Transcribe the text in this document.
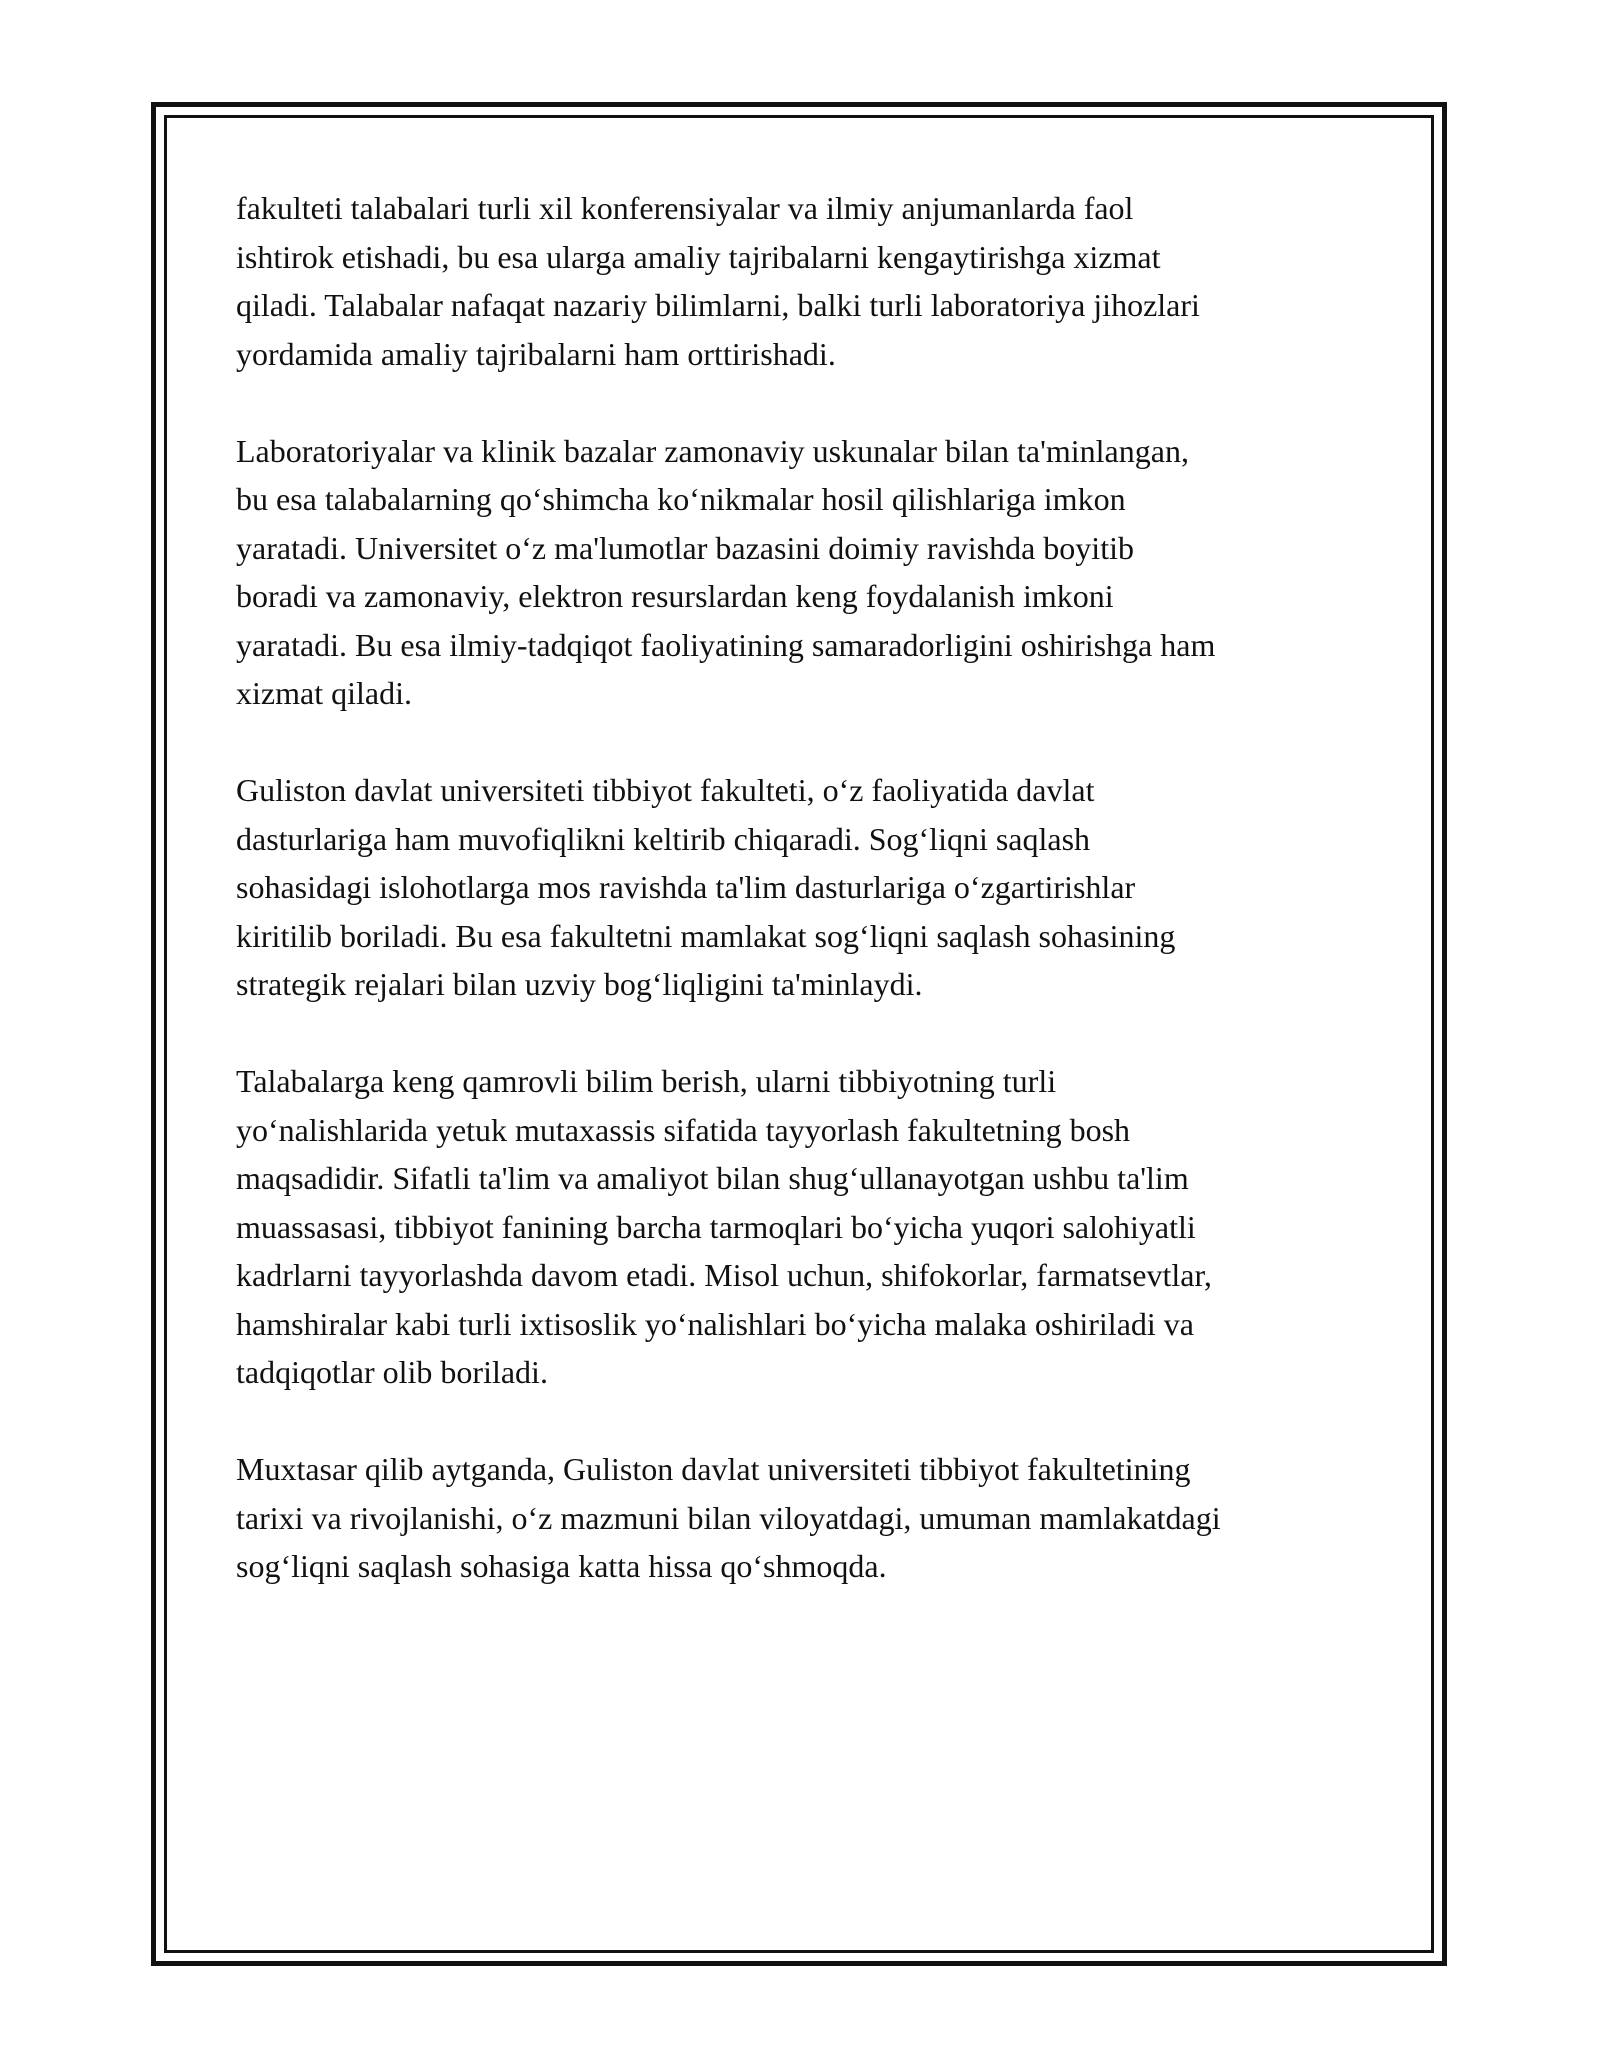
fakulteti talabalari turli xil konferensiyalar va ilmiy anjumanlarda faol
ishtirok etishadi, bu esa ularga amaliy tajribalarni kengaytirishga xizmat
qiladi. Talabalar nafaqat nazariy bilimlarni, balki turli laboratoriya jihozlari
yordamida amaliy tajribalarni ham orttirishadi.

Laboratoriyalar va klinik bazalar zamonaviy uskunalar bilan ta'minlangan,
bu esa talabalarning qo‘shimcha ko‘nikmalar hosil qilishlariga imkon
yaratadi. Universitet o‘z ma'lumotlar bazasini doimiy ravishda boyitib
boradi va zamonaviy, elektron resurslardan keng foydalanish imkoni
yaratadi. Bu esa ilmiy-tadqiqot faoliyatining samaradorligini oshirishga ham
xizmat qiladi.

Guliston davlat universiteti tibbiyot fakulteti, o‘z faoliyatida davlat
dasturlariga ham muvofiqlikni keltirib chiqaradi. Sog‘liqni saqlash
sohasidagi islohotlarga mos ravishda ta'lim dasturlariga o‘zgartirishlar
kiritilib boriladi. Bu esa fakultetni mamlakat sog‘liqni saqlash sohasining
strategik rejalari bilan uzviy bog‘liqligini ta'minlaydi.

Talabalarga keng qamrovli bilim berish, ularni tibbiyotning turli
yo‘nalishlarida yetuk mutaxassis sifatida tayyorlash fakultetning bosh
maqsadidir. Sifatli ta'lim va amaliyot bilan shug‘ullanayotgan ushbu ta'lim
muassasasi, tibbiyot fanining barcha tarmoqlari bo‘yicha yuqori salohiyatli
kadrlarni tayyorlashda davom etadi. Misol uchun, shifokorlar, farmatsevtlar,
hamshiralar kabi turli ixtisoslik yo‘nalishlari bo‘yicha malaka oshiriladi va
tadqiqotlar olib boriladi.

Muxtasar qilib aytganda, Guliston davlat universiteti tibbiyot fakultetining
tarixi va rivojlanishi, o‘z mazmuni bilan viloyatdagi, umuman mamlakatdagi
sog‘liqni saqlash sohasiga katta hissa qo‘shmoqda.
